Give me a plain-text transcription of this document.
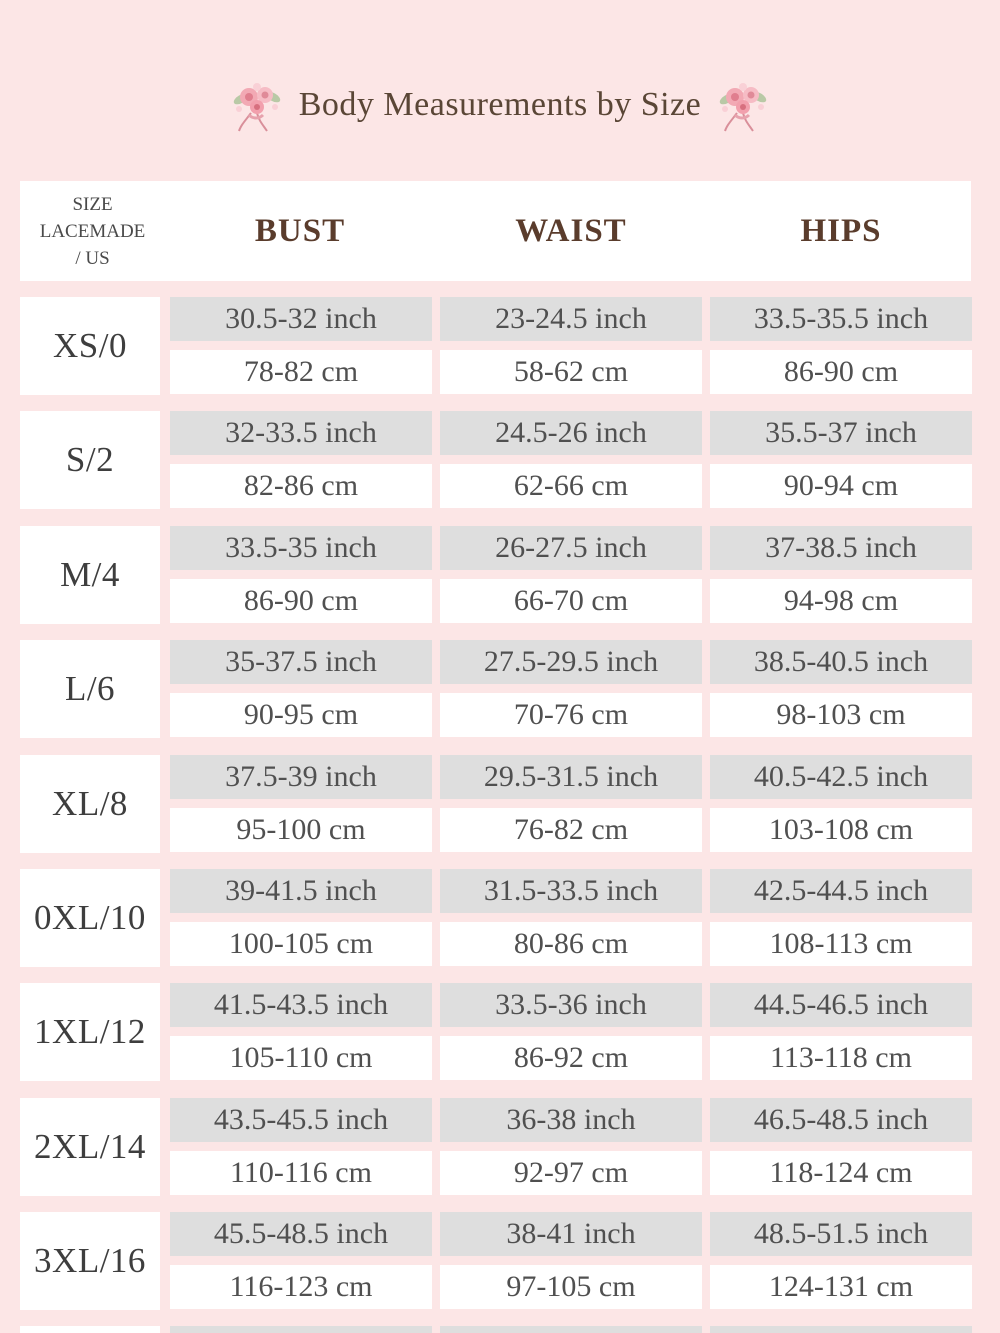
Body Measurements by Size
SIZE
LACEMADE
/ US
BUST	WAIST	HIPS
XS/0
30.5-32 inch
78-82 cm
23-24.5 inch
58-62 cm
33.5-35.5 inch
86-90 cm
S/2
32-33.5 inch
82-86 cm
24.5-26 inch
62-66 cm
35.5-37 inch
90-94 cm
M/4
33.5-35 inch
86-90 cm
26-27.5 inch
66-70 cm
37-38.5 inch
94-98 cm
L/6
35-37.5 inch
90-95 cm
27.5-29.5 inch
70-76 cm
38.5-40.5 inch
98-103 cm
XL/8
37.5-39 inch
95-100 cm
29.5-31.5 inch
76-82 cm
40.5-42.5 inch
103-108 cm
0XL/10
39-41.5 inch
100-105 cm
31.5-33.5 inch
80-86 cm
42.5-44.5 inch
108-113 cm
1XL/12
41.5-43.5 inch
105-110 cm
33.5-36 inch
86-92 cm
44.5-46.5 inch
113-118 cm
2XL/14
43.5-45.5 inch
110-116 cm
36-38 inch
92-97 cm
46.5-48.5 inch
118-124 cm
3XL/16
45.5-48.5 inch
116-123 cm
38-41 inch
97-105 cm
48.5-51.5 inch
124-131 cm
